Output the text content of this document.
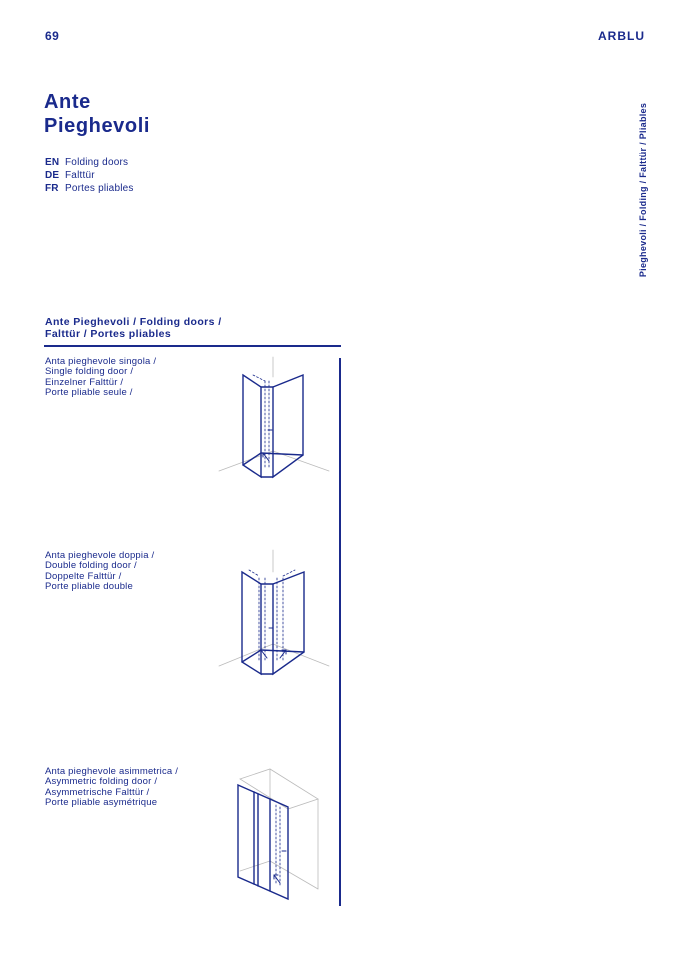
69	ARBLU
Ante
Pieghevoli
EN Folding doors
DE Falttür
FR Portes pliables	Pieghevoli / Folding / Falttür / Pliables
Ante Pieghevoli / Folding doors /
Falttür / Portes pliables
Anta pieghevole singola /
Single folding door /
Einzelner Falttür /
Porte pliable seule /
Anta pieghevole doppia /
Double folding door /
Doppelte Falttür /
Porte pliable double
Anta pieghevole asimmetrica /
Asymmetric folding door /
Asymmetrische Falttür /
Porte pliable asymétrique
